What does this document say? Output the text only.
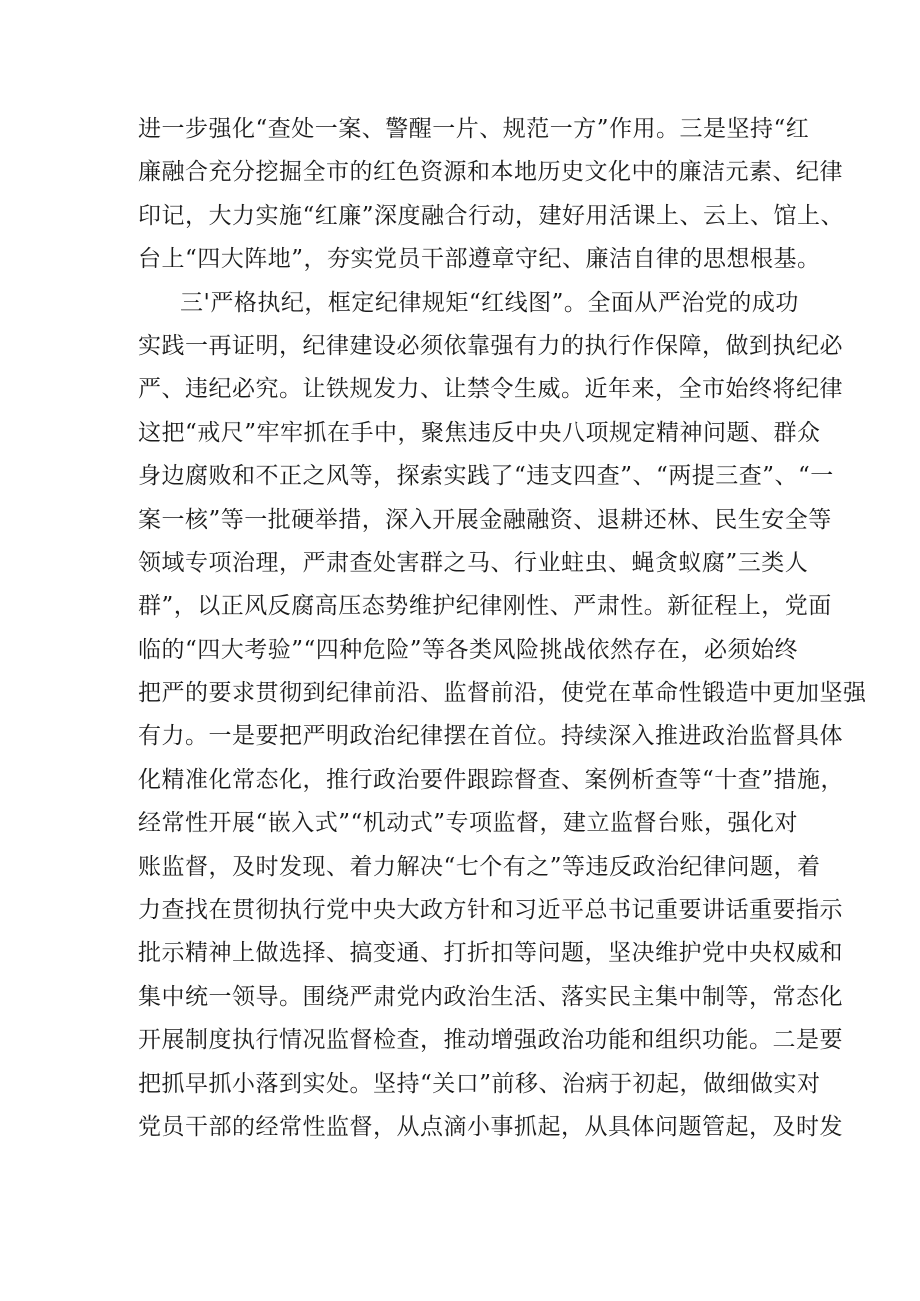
进一步强化“查处一案、警醒一片、规范一方”作用。三是坚持“红
廉融合充分挖掘全市的红色资源和本地历史文化中的廉洁元素、纪律
印记，大力实施“红廉”深度融合行动，建好用活课上、云上、馆上、
台上“四大阵地”，夯实党员干部遵章守纪、廉洁自律的思想根基。
三'严格执纪，框定纪律规矩“红线图”。全面从严治党的成功
实践一再证明，纪律建设必须依靠强有力的执行作保障，做到执纪必
严、违纪必究。让铁规发力、让禁令生威。近年来，全市始终将纪律
这把“戒尺”牢牢抓在手中，聚焦违反中央八项规定精神问题、群众
身边腐败和不正之风等，探索实践了“违支四查”、“两提三查”、“一
案一核”等一批硬举措，深入开展金融融资、退耕还林、民生安全等
领域专项治理，严肃查处害群之马、行业蛀虫、蝇贪蚁腐”三类人
群”，以正风反腐高压态势维护纪律刚性、严肃性。新征程上，党面
临的“四大考验”“四种危险”等各类风险挑战依然存在，必须始终
把严的要求贯彻到纪律前沿、监督前沿，使党在革命性锻造中更加坚强
有力。一是要把严明政治纪律摆在首位。持续深入推进政治监督具体
化精准化常态化，推行政治要件跟踪督查、案例析查等“十查”措施，
经常性开展“嵌入式”“机动式”专项监督，建立监督台账，强化对
账监督，及时发现、着力解决“七个有之”等违反政治纪律问题，着
力查找在贯彻执行党中央大政方针和习近平总书记重要讲话重要指示
批示精神上做选择、搞变通、打折扣等问题，坚决维护党中央权威和
集中统一领导。围绕严肃党内政治生活、落实民主集中制等，常态化
开展制度执行情况监督检查，推动增强政治功能和组织功能。二是要
把抓早抓小落到实处。坚持“关口”前移、治病于初起，做细做实对
党员干部的经常性监督，从点滴小事抓起，从具体问题管起，及时发
